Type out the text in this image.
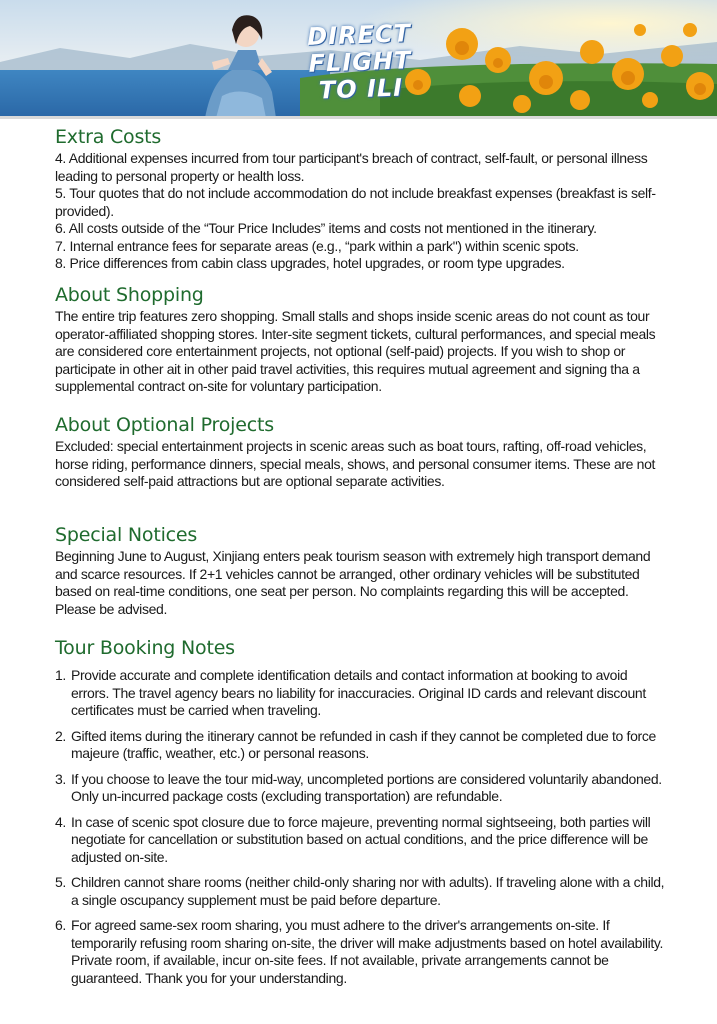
DIRECT
FLIGHT
TO ILI
Extra Costs
4. Additional expenses incurred from tour participant's breach of contract, self-fault, or personal illness leading to personal property or health loss.
5. Tour quotes that do not include accommodation do not include breakfast expenses (breakfast is self-provided).
6. All costs outside of the “Tour Price Includes” items and costs not mentioned in the itinerary.
7. Internal entrance fees for separate areas (e.g., “park within a park") within scenic spots.
8. Price differences from cabin class upgrades, hotel upgrades, or room type upgrades.
About Shopping

The entire trip features zero shopping. Small stalls and shops inside scenic areas do not count as tour operator-affiliated shopping stores. Inter-site segment tickets, cultural performances, and special meals are considered core entertainment projects, not optional (self-paid) projects. If you wish to shop or participate in other ait in other paid travel activities, this requires mutual agreement and signing tha a supplemental contract on-site for voluntary participation.

About Optional Projects

Excluded: special entertainment projects in scenic areas such as boat tours, rafting, off-road vehicles, horse riding, performance dinners, special meals, shows, and personal consumer items. These are not considered self-paid attractions but are optional separate activities.

Special Notices

Beginning June to August, Xinjiang enters peak tourism season with extremely high transport demand and scarce resources. If 2+1 vehicles cannot be arranged, other ordinary vehicles will be substituted based on real-time conditions, one seat per person. No complaints regarding this will be accepted. Please be advised.

Tour Booking Notes
1. Provide accurate and complete identification details and contact information at booking to avoid errors. The travel agency bears no liability for inaccuracies. Original ID cards and relevant discount certificates must be carried when traveling.
2. Gifted items during the itinerary cannot be refunded in cash if they cannot be completed due to force majeure (traffic, weather, etc.) or personal reasons.
3. If you choose to leave the tour mid-way, uncompleted portions are considered voluntarily abandoned. Only un-incurred package costs (excluding transportation) are refundable.
4. In case of scenic spot closure due to force majeure, preventing normal sightseeing, both parties will negotiate for cancellation or substitution based on actual conditions, and the price difference will be adjusted on-site.
5. Children cannot share rooms (neither child-only sharing nor with adults). If traveling alone with a child, a single oscupancy supplement must be paid before departure.
6. For agreed same-sex room sharing, you must adhere to the driver's arrangements on-site. If temporarily refusing room sharing on-site, the driver will make adjustments based on hotel availability. Private room, if available, incur on-site fees. If not available, private arrangements cannot be guaranteed. Thank you for your understanding.
